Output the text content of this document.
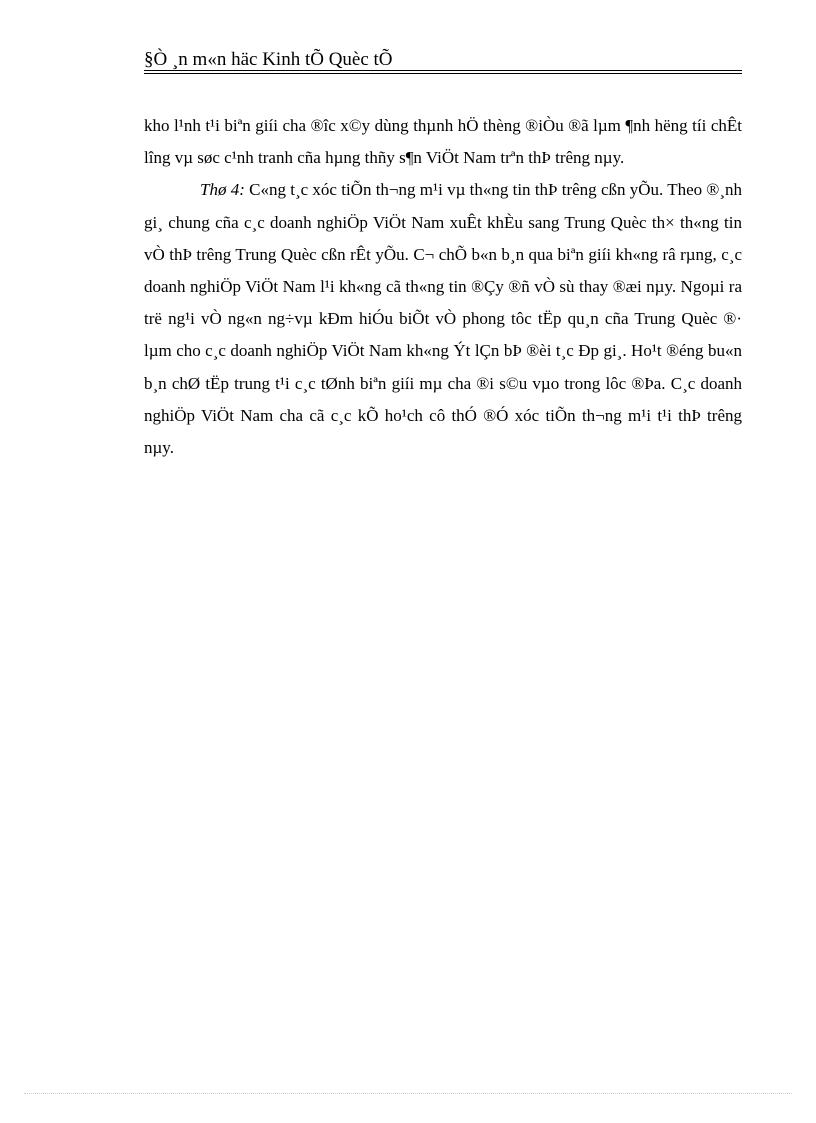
§Ò ¸n m«n häc Kinh tÕ Quèc tÕ

kho l¹nh t¹i biªn giíi cha ®îc x©y dùng thµnh hÖ thèng ®iÒu ®ã lµm ¶nh hëng tíi chÊt lîng vµ søc c¹nh tranh cña hµng thñy s¶n ViÖt Nam trªn thÞ trêng nµy.

Thø 4: C«ng t¸c xóc tiÕn th¬ng m¹i vµ th«ng tin thÞ trêng cßn yÕu. Theo ®¸nh gi¸ chung cña c¸c doanh nghiÖp ViÖt Nam xuÊt khÈu sang Trung Quèc th× th«ng tin vÒ thÞ trêng Trung Quèc cßn rÊt yÕu. C¬ chÕ b«n b¸n qua biªn giíi kh«ng râ rµng, c¸c doanh nghiÖp ViÖt Nam l¹i kh«ng cã th«ng tin ®Çy ®ñ vÒ sù thay ®æi nµy. Ngoµi ra trë ng¹i vÒ ng«n ng÷vµ kÐm hiÓu biÕt vÒ phong tôc tËp qu¸n cña Trung Quèc ®· lµm cho c¸c doanh nghiÖp ViÖt Nam kh«ng Ýt lÇn bÞ ®èi t¸c Ðp gi¸. Ho¹t ®éng bu«n b¸n chØ tËp trung t¹i c¸c tØnh biªn giíi mµ cha ®i s©u vµo trong lôc ®Þa. C¸c doanh nghiÖp ViÖt Nam cha cã c¸c kÕ ho¹ch cô thÓ ®Ó xóc tiÕn th¬ng m¹i t¹i thÞ trêng nµy.
